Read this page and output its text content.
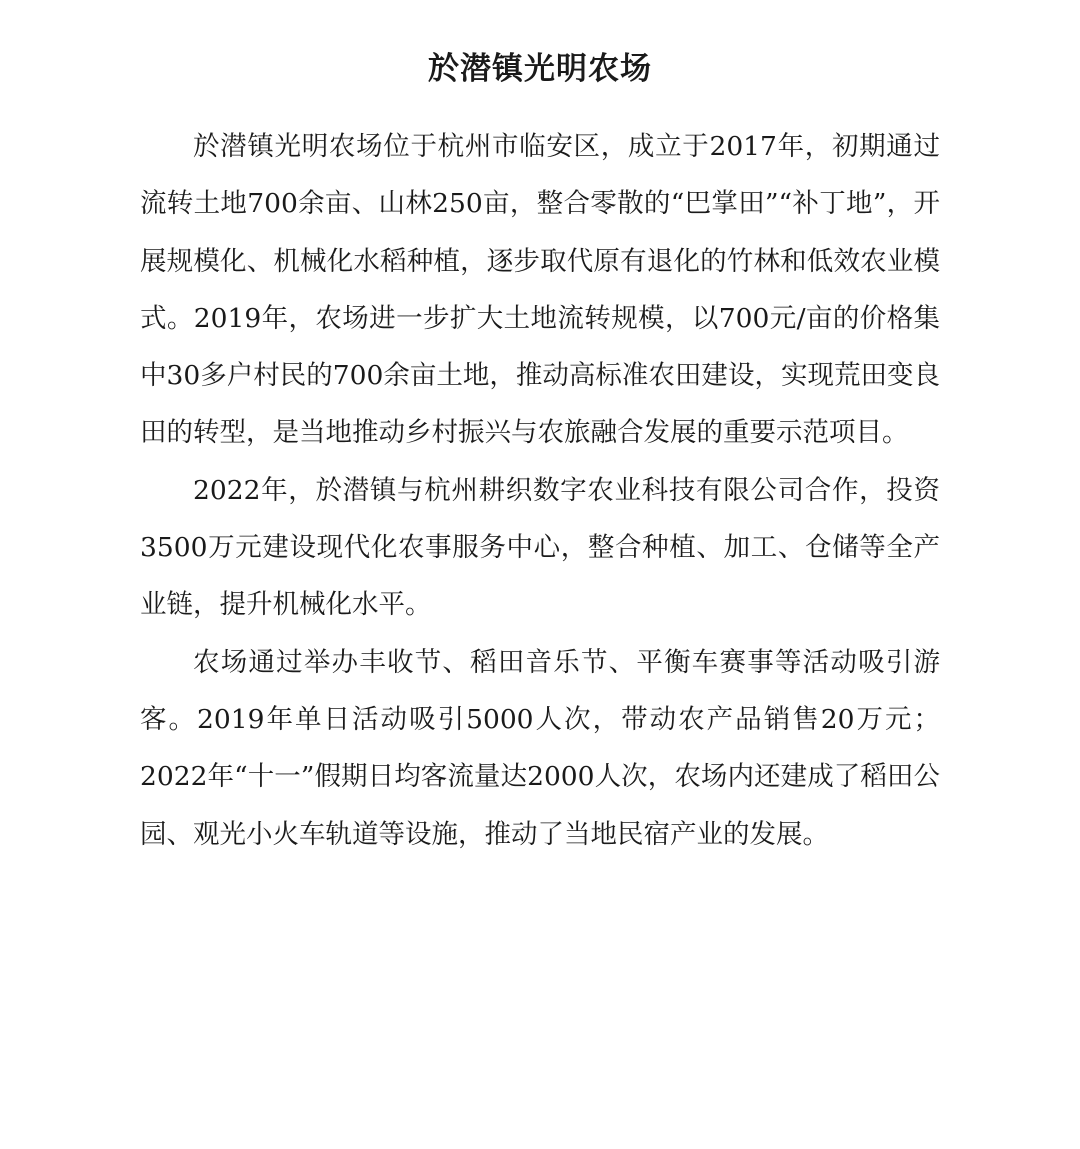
於潜镇光明农场

於潜镇光明农场位于杭州市临安区，成立于2017年，初期通过流转土地700余亩、山林250亩，整合零散的“巴掌田”“补丁地”，开展规模化、机械化水稻种植，逐步取代原有退化的竹林和低效农业模式。2019年，农场进一步扩大土地流转规模，以700元/亩的价格集中30多户村民的700余亩土地，推动高标准农田建设，实现荒田变良田的转型，是当地推动乡村振兴与农旅融合发展的重要示范项目。

2022年，於潜镇与杭州耕织数字农业科技有限公司合作，投资3500万元建设现代化农事服务中心，整合种植、加工、仓储等全产业链，提升机械化水平。

农场通过举办丰收节、稻田音乐节、平衡车赛事等活动吸引游客。2019年单日活动吸引5000人次，带动农产品销售20万元；2022年“十一”假期日均客流量达2000人次，农场内还建成了稻田公园、观光小火车轨道等设施，推动了当地民宿产业的发展。
